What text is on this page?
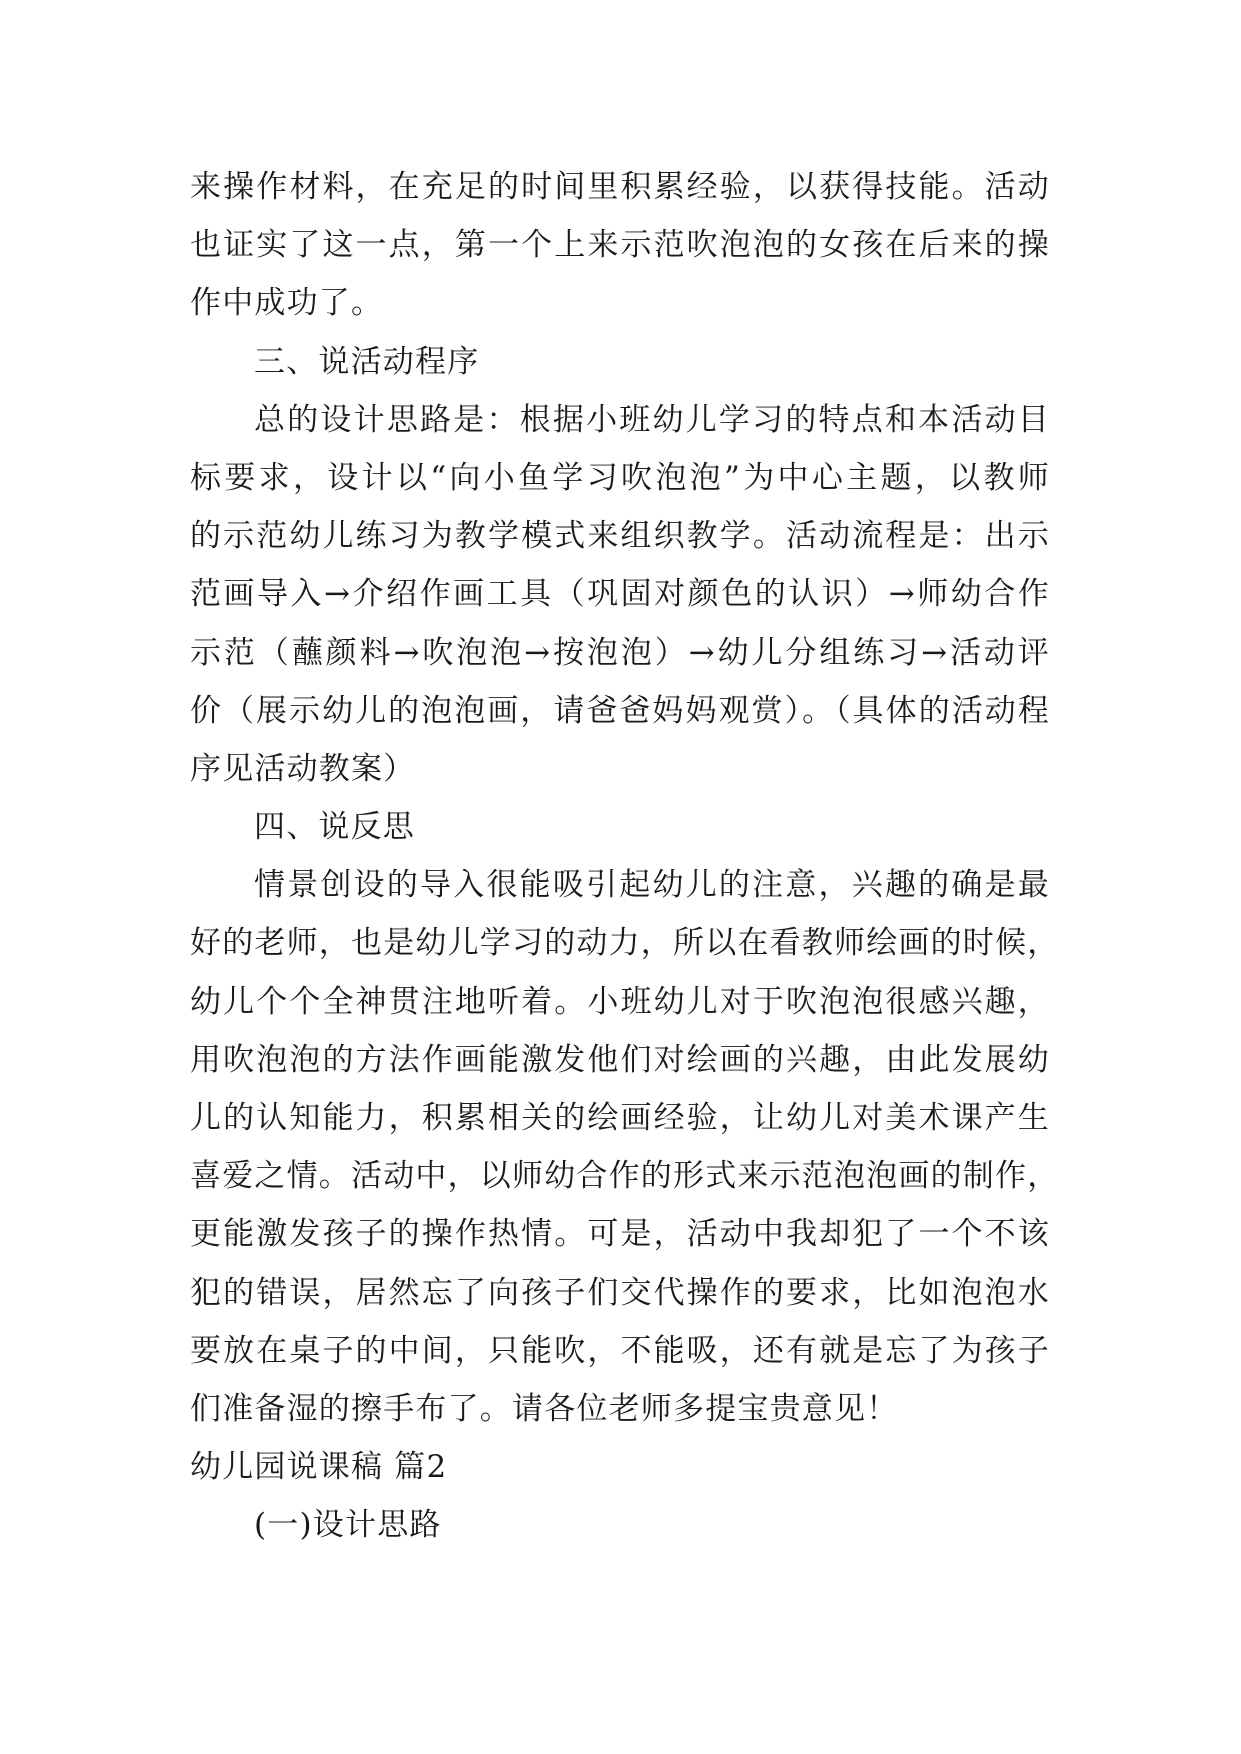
来操作材料，在充足的时间里积累经验，以获得技能。活动
也证实了这一点，第一个上来示范吹泡泡的女孩在后来的操
作中成功了。
三、说活动程序
总的设计思路是：根据小班幼儿学习的特点和本活动目
标要求，设计以“向小鱼学习吹泡泡”为中心主题，以教师
的示范幼儿练习为教学模式来组织教学。活动流程是：出示
范画导入→介绍作画工具（巩固对颜色的认识）→师幼合作
示范（蘸颜料→吹泡泡→按泡泡）→幼儿分组练习→活动评
价（展示幼儿的泡泡画，请爸爸妈妈观赏）。（具体的活动程
序见活动教案）
四、说反思
情景创设的导入很能吸引起幼儿的注意，兴趣的确是最
好的老师，也是幼儿学习的动力，所以在看教师绘画的时候，
幼儿个个全神贯注地听着。小班幼儿对于吹泡泡很感兴趣，
用吹泡泡的方法作画能激发他们对绘画的兴趣，由此发展幼
儿的认知能力，积累相关的绘画经验，让幼儿对美术课产生
喜爱之情。活动中，以师幼合作的形式来示范泡泡画的制作，
更能激发孩子的操作热情。可是，活动中我却犯了一个不该
犯的错误，居然忘了向孩子们交代操作的要求，比如泡泡水
要放在桌子的中间，只能吹，不能吸，还有就是忘了为孩子
们准备湿的擦手布了。请各位老师多提宝贵意见！
幼儿园说课稿 篇2
(一)设计思路
